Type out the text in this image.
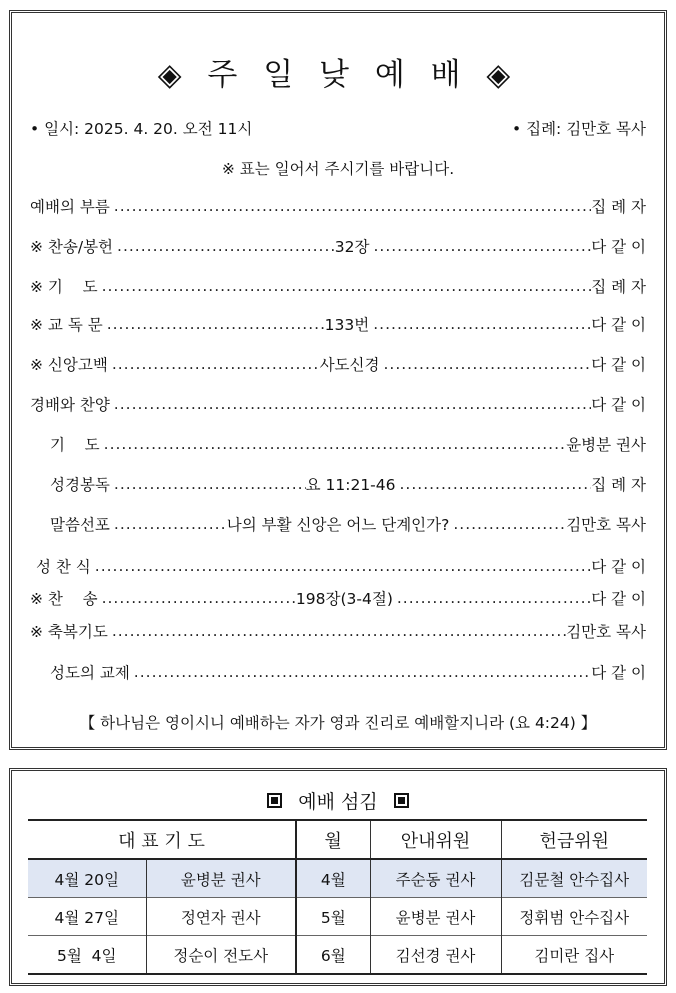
◈ 주 일 낮 예 배 ◈
• 일시: 2025. 4. 20. 오전 11시	• 집례: 김만호 목사
※ 표는 일어서 주시기를 바랍니다.
예배의 부름 .....	집 례 자
※ 찬송/봉헌 .....	32장 .....	다 같 이
※ 기    도 .....	집 례 자
※ 교 독 문 .....	133번 .....	다 같 이
※ 신앙고백 .....	사도신경 .....	다 같 이
경배와 찬양 .....	다 같 이
기    도 .....	윤병분 권사
성경봉독 .....	요 11:21-46 .....	집 례 자
말씀선포 .....	나의 부활 신앙은 어느 단계인가? .....	김만호 목사
성 찬 식 .....	다 같 이
※ 찬    송 .....	198장(3-4절) .....	다 같 이
※ 축복기도 .....	김만호 목사
성도의 교제 .....	다 같 이
【 하나님은 영이시니 예배하는 자가 영과 진리로 예배할지니라 (요 4:24) 】
예배 섬김
대 표 기 도		월	안내위원	헌금위원
4월 20일	윤병분 권사	4월	주순동 권사	김문철 안수집사
4월 27일	정연자 권사	5월	윤병분 권사	정휘범 안수집사
5월  4일	정순이 전도사	6월	김선경 권사	김미란 집사
